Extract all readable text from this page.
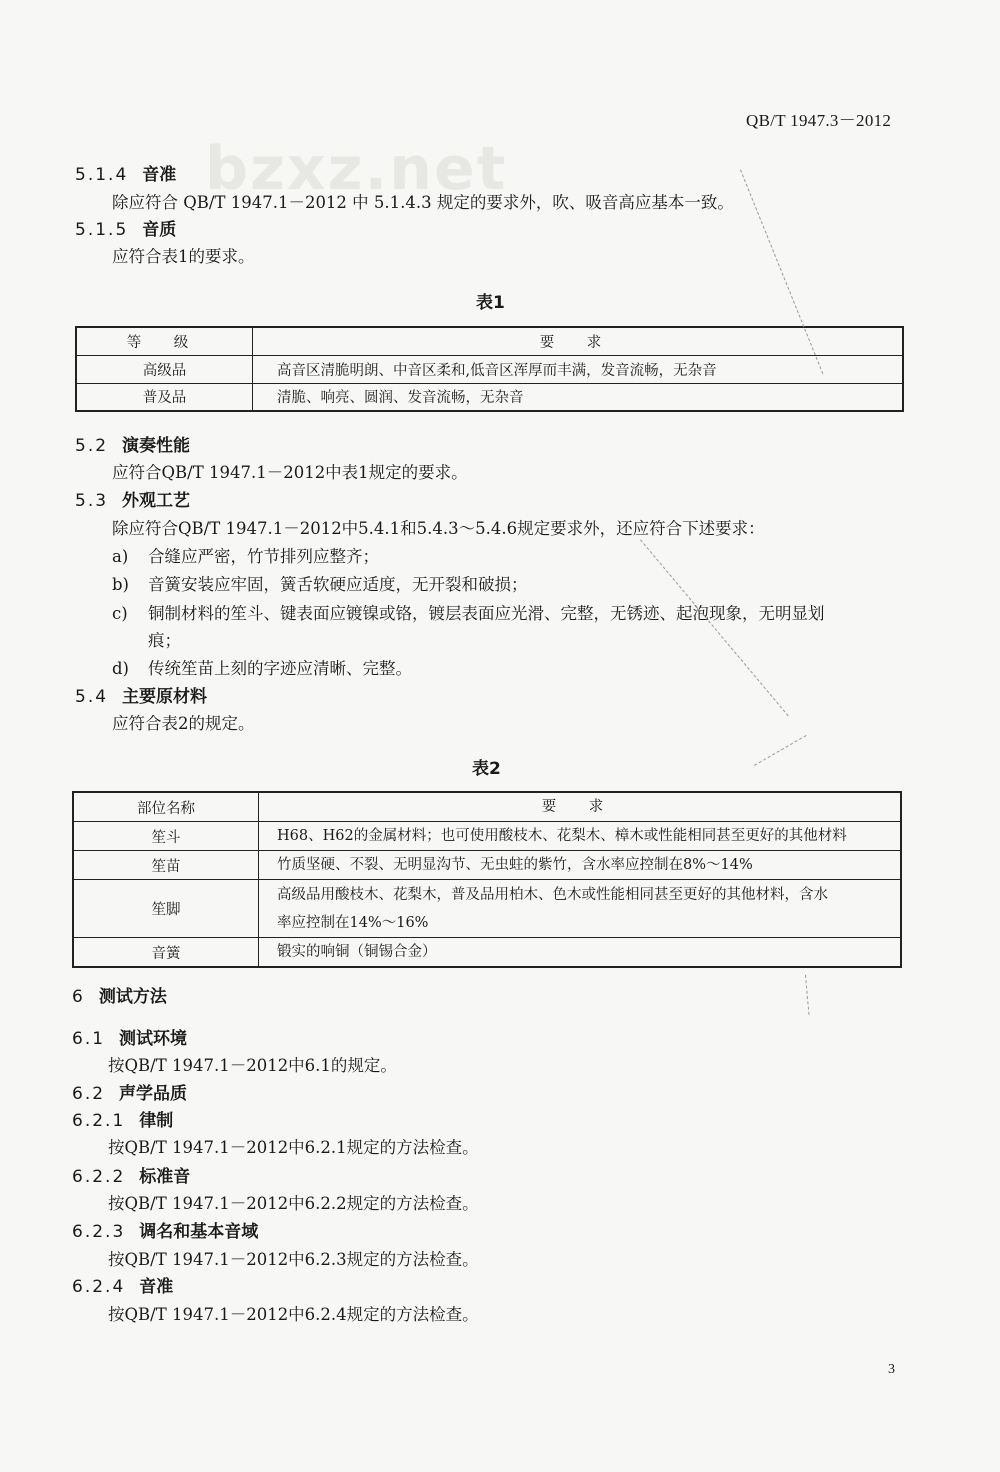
bzxz.net
QB/T 1947.3－2012
5.1.4 音准
除应符合 QB/T 1947.1－2012 中 5.1.4.3 规定的要求外，吹、吸音高应基本一致。
5.1.5 音质
应符合表1的要求。
表1
等 级	要 求
高级品	高音区清脆明朗、中音区柔和,低音区浑厚而丰满，发音流畅，无杂音
普及品	清脆、响亮、圆润、发音流畅，无杂音
5.2 演奏性能
应符合QB/T 1947.1－2012中表1规定的要求。
5.3 外观工艺
除应符合QB/T 1947.1－2012中5.4.1和5.4.3～5.4.6规定要求外，还应符合下述要求：
a) 合缝应严密，竹节排列应整齐；
b) 音簧安装应牢固，簧舌软硬应适度，无开裂和破损；
c) 铜制材料的笙斗、键表面应镀镍或铬，镀层表面应光滑、完整，无锈迹、起泡现象，无明显划
痕；
d) 传统笙苗上刻的字迹应清晰、完整。
5.4 主要原材料
应符合表2的规定。
表2
部位名称	要 求
笙斗	H68、H62的金属材料；也可使用酸枝木、花梨木、樟木或性能相同甚至更好的其他材料
笙苗	竹质坚硬、不裂、无明显沟节、无虫蛀的紫竹，含水率应控制在8%～14%
笙脚	高级品用酸枝木、花梨木，普及品用柏木、色木或性能相同甚至更好的其他材料，含水
率应控制在14%～16%

音簧	锻实的响铜（铜锡合金）
6 测试方法
6.1 测试环境
按QB/T 1947.1－2012中6.1的规定。
6.2 声学品质
6.2.1 律制
按QB/T 1947.1－2012中6.2.1规定的方法检查。
6.2.2 标准音
按QB/T 1947.1－2012中6.2.2规定的方法检查。
6.2.3 调名和基本音域
按QB/T 1947.1－2012中6.2.3规定的方法检查。
6.2.4 音准
按QB/T 1947.1－2012中6.2.4规定的方法检查。
3
